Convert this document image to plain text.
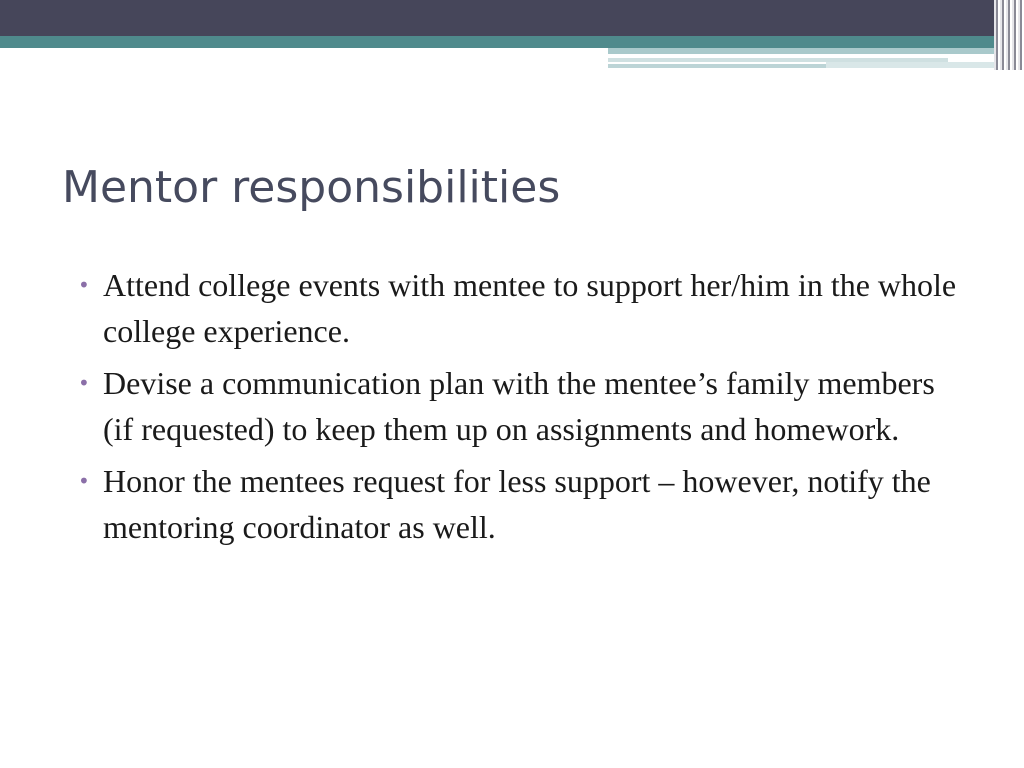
Mentor responsibilities
• Attend college events with mentee to support her/him in the whole college experience.
• Devise a communication plan with the mentee’s family members (if requested) to keep them up on assignments and homework.
• Honor the mentees request for less support – however, notify the mentoring coordinator as well.
